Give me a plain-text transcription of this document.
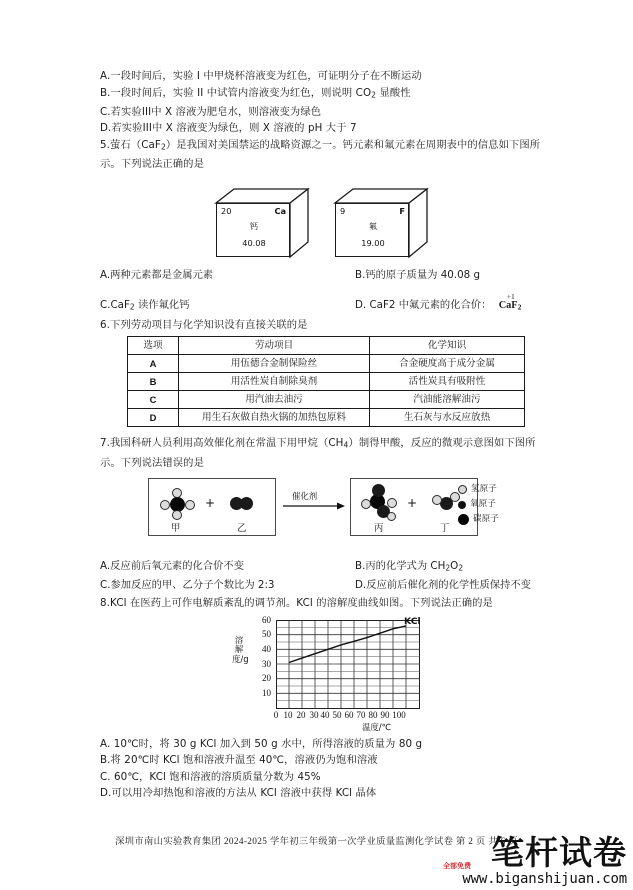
A.一段时间后，实验 I 中甲烧杯溶液变为红色，可证明分子在不断运动
B.一段时间后，实验 II 中试管内溶液变为红色，则说明 $CO_2$ 显酸性
C.若实验III中 X 溶液为肥皂水，则溶液变为绿色
D.若实验III中 X 溶液变为绿色，则 X 溶液的 pH 大于 7
5.萤石（CaF$_2$）是我国对美国禁运的战略资源之一。钙元素和氟元素在周期表中的信息如下图所示。下列说法正确的是
20	Ca
钙
40.08
9	F
氟
19.00
A.两种元素都是金属元素	B.钙的原子质量为 40.08 g
C.CaF$_2$ 读作氟化钙	D. CaF2 中氟元素的化合价：
+1
CaF$_2$
6.下列劳动项目与化学知识没有直接关联的是
选项	劳动项目	化学知识
A	用伍德合金制保险丝	合金硬度高于成分金属
B	用活性炭自制除臭剂	活性炭具有吸附性
C	用汽油去油污	汽油能溶解油污
D	用生石灰做自热火锅的加热包原料	生石灰与水反应放热
7.我国科研人员利用高效催化剂在常温下用甲烷$(CH_4)$制得甲酸，反应的微观示意图如下图所示。下列说法错误的是
+
甲	乙
催化剂	+
丙	丁
氢原子
氧原子
碳原子
A.反应前后氧元素的化合价不变	B.丙的化学式为 $CH_2O_2$
C.参加反应的甲、乙分子个数比为 2:3	D.反应前后催化剂的化学性质保持不变
8.KCl 在医药上可作电解质紊乱的调节剂。KCl 的溶解度曲线如图。下列说法正确的是
溶解度/g
60
50
40
30
20
10
0 10 20 30 40 50 60 70 80 90 100
温度/℃
KCl
A. 10℃时，将 30 g KCl 加入到 50 g 水中，所得溶液的质量为 80 g
B.将 20℃时 KCl 饱和溶液升温至 40℃，溶液仍为饱和溶液
C. 60℃，KCl 饱和溶液的溶质质量分数为 45%
D.可以用冷却热饱和溶液的方法从 KCl 溶液中获得 KCl 晶体
深圳市南山实验教育集团 2024-2025 学年初三年级第一次学业质量监测化学试卷 第 2 页 共 6 页
笔杆试卷
全部免费
www.biganshijuan.com
